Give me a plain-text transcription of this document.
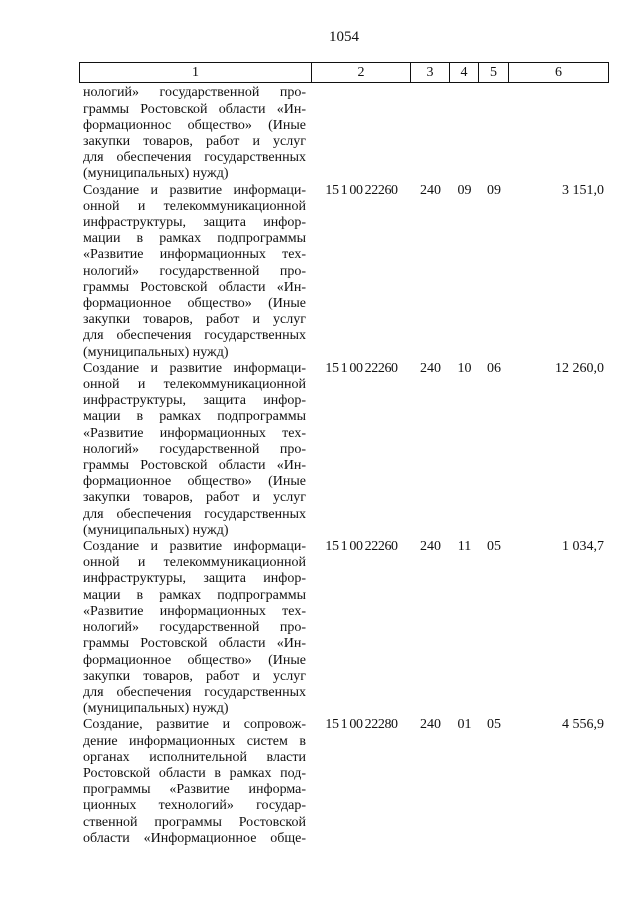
1054
1	2	3	4	5	6
нологий» государственной про-
граммы Ростовской области «Ин-
формационнос общество» (Иные
закупки товаров, работ и услуг
для обеспечения государственных
(муниципальных) нужд)
Создание и развитие информаци-
онной и телекоммуникационной
инфраструктуры, защита инфор-
мации в рамках подпрограммы
«Развитие информационных тех-
нологий» государственной про-
граммы Ростовской области «Ин-
формационное общество» (Иные
закупки товаров, работ и услуг
для обеспечения государственных
(муниципальных) нужд)
15 1 00 22260	240	09	09	3 151,0
Создание и развитие информаци-
онной и телекоммуникационной
инфраструктуры, защита инфор-
мации в рамках подпрограммы
«Развитие информационных тех-
нологий» государственной про-
граммы Ростовской области «Ин-
формационное общество» (Иные
закупки товаров, работ и услуг
для обеспечения государственных
(муниципальных) нужд)
15 1 00 22260	240	10	06	12 260,0
Создание и развитие информаци-
онной и телекоммуникационной
инфраструктуры, защита инфор-
мации в рамках подпрограммы
«Развитие информационных тех-
нологий» государственной про-
граммы Ростовской области «Ин-
формационное общество» (Иные
закупки товаров, работ и услуг
для обеспечения государственных
(муниципальных) нужд)
15 1 00 22260	240	11	05	1 034,7
Создание, развитие и сопровож-
дение информационных систем в
органах исполнительной власти
Ростовской области в рамках под-
программы «Развитие информа-
ционных технологий» государ-
ственной программы Ростовской
области «Информационное обще-
15 1 00 22280	240	01	05	4 556,9
